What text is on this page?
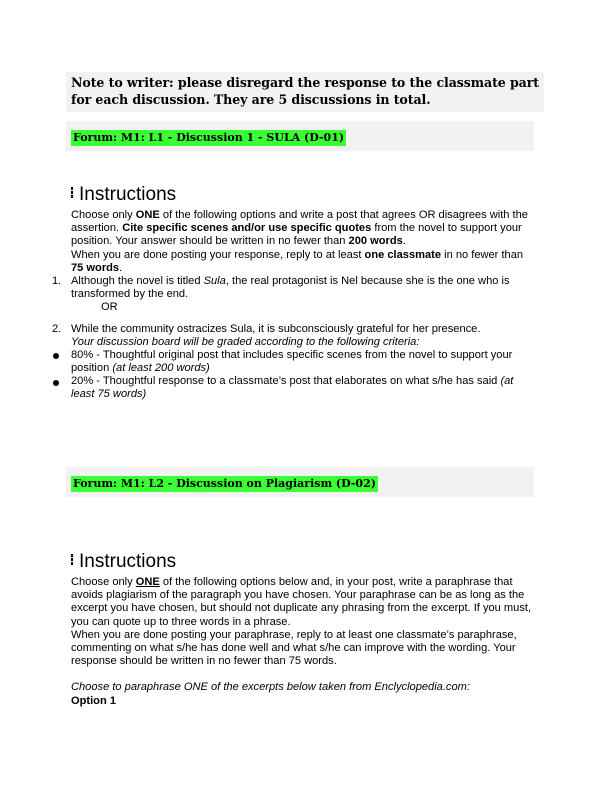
Note to writer: please disregard the response to the classmate part for each discussion. They are 5 discussions in total.
Forum: M1: L1 - Discussion 1 - SULA (D-01)
Instructions

Choose only ONE of the following options and write a post that agrees OR disagrees with the assertion. Cite specific scenes and/or use specific quotes from the novel to support your position. Your answer should be written in no fewer than 200 words.

When you are done posting your response, reply to at least one classmate in no fewer than 75 words.

1. Although the novel is titled Sula, the real protagonist is Nel because she is the one who is transformed by the end.
OR
2. While the community ostracizes Sula, it is subconsciously grateful for her presence.
Your discussion board will be graded according to the following criteria:
80% - Thoughtful original post that includes specific scenes from the novel to support your position (at least 200 words)
20% - Thoughtful response to a classmate’s post that elaborates on what s/he has said (at least 75 words)
Forum: M1: L2 - Discussion on Plagiarism (D-02)
Instructions

Choose only ONE of the following options below and, in your post, write a paraphrase that avoids plagiarism of the paragraph you have chosen. Your paraphrase can be as long as the excerpt you have chosen, but should not duplicate any phrasing from the excerpt. If you must, you can quote up to three words in a phrase.

When you are done posting your paraphrase, reply to at least one classmate’s paraphrase, commenting on what s/he has done well and what s/he can improve with the wording. Your response should be written in no fewer than 75 words.

Choose to paraphrase ONE of the excerpts below taken from Enclyclopedia.com:

Option 1
